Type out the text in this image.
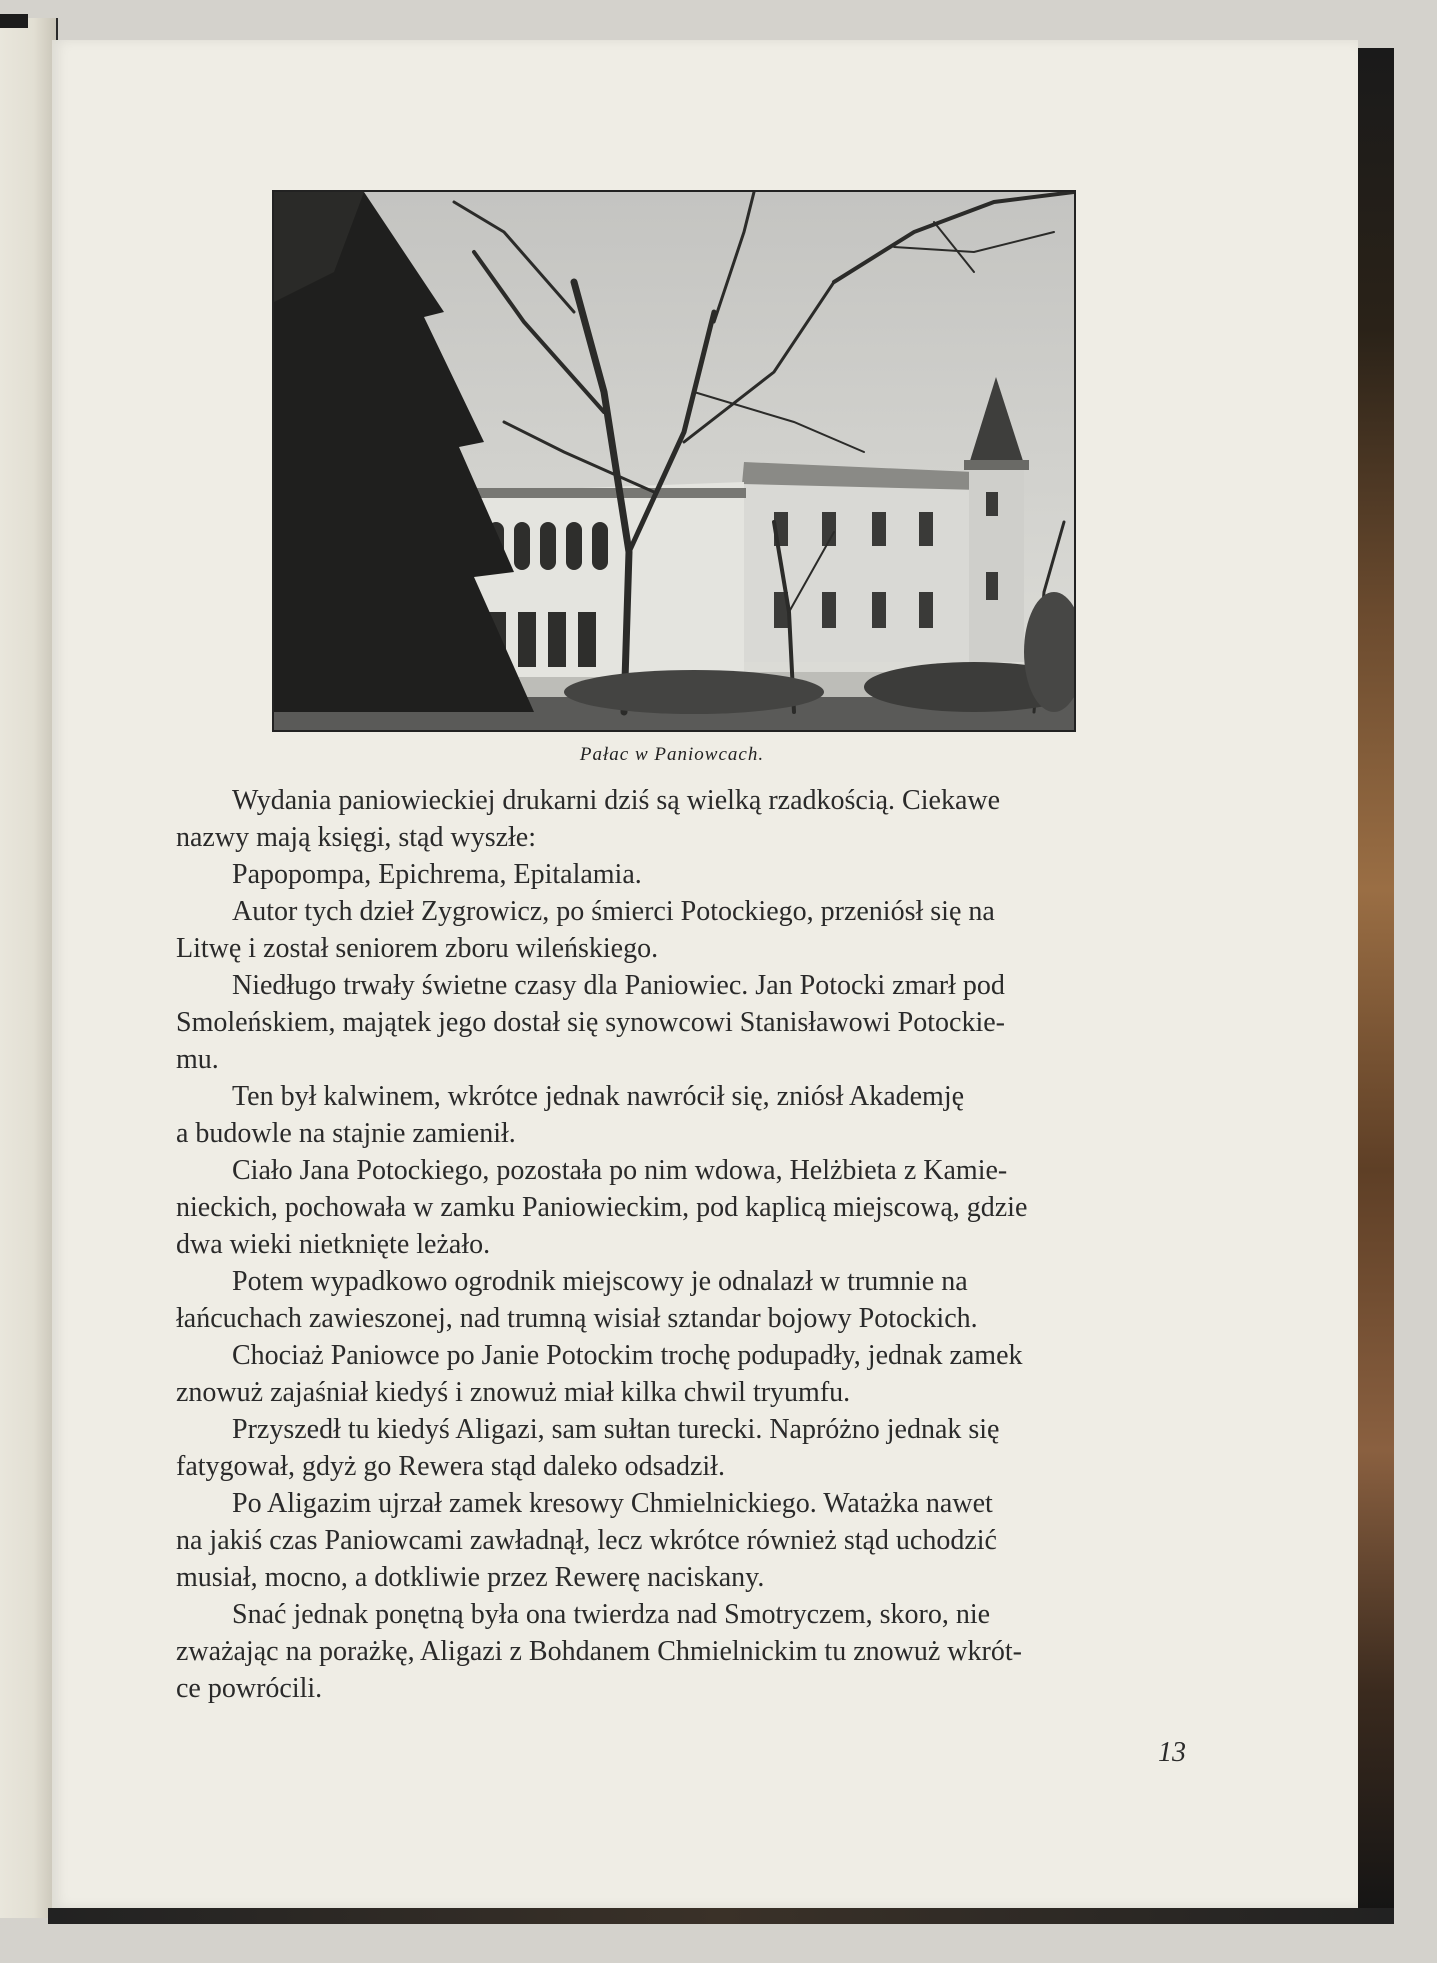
Pałac w Paniowcach.
Wydania paniowieckiej drukarni dziś są wielką rzadkością. Ciekawe
nazwy mają księgi, stąd wyszłe:
Papopompa, Epichrema, Epitalamia.
Autor tych dzieł Zygrowicz, po śmierci Potockiego, przeniósł się na
Litwę i został seniorem zboru wileńskiego.
Niedługo trwały świetne czasy dla Paniowiec. Jan Potocki zmarł pod
Smoleńskiem, majątek jego dostał się synowcowi Stanisławowi Potockie-
mu.
Ten był kalwinem, wkrótce jednak nawrócił się, zniósł Akademję
a budowle na stajnie zamienił.
Ciało Jana Potockiego, pozostała po nim wdowa, Helżbieta z Kamie-
nieckich, pochowała w zamku Paniowieckim, pod kaplicą miejscową, gdzie
dwa wieki nietknięte leżało.
Potem wypadkowo ogrodnik miejscowy je odnalazł w trumnie na
łańcuchach zawieszonej, nad trumną wisiał sztandar bojowy Potockich.
Chociaż Paniowce po Janie Potockim trochę podupadły, jednak zamek
znowuż zajaśniał kiedyś i znowuż miał kilka chwil tryumfu.
Przyszedł tu kiedyś Aligazi, sam sułtan turecki. Napróżno jednak się
fatygował, gdyż go Rewera stąd daleko odsadził.
Po Aligazim ujrzał zamek kresowy Chmielnickiego. Watażka nawet
na jakiś czas Paniowcami zawładnął, lecz wkrótce również stąd uchodzić
musiał, mocno, a dotkliwie przez Rewerę naciskany.
Snać jednak ponętną była ona twierdza nad Smotryczem, skoro, nie
zważając na porażkę, Aligazi z Bohdanem Chmielnickim tu znowuż wkrót-
ce powrócili.
13
